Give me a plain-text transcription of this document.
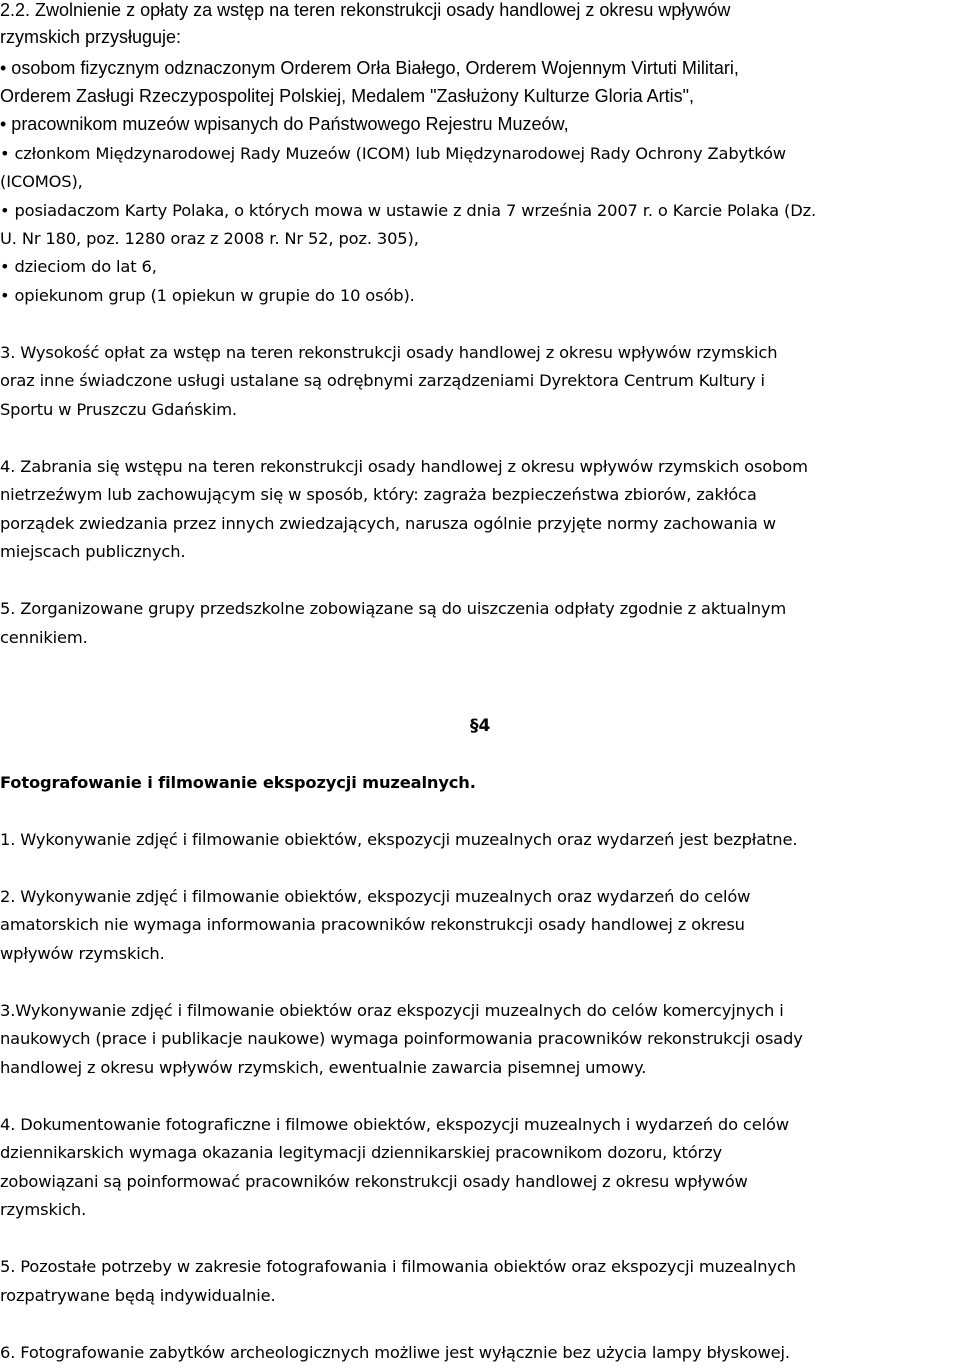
2.2. Zwolnienie z opłaty za wstęp na teren rekonstrukcji osady handlowej z okresu wpływów
rzymskich przysługuje:
• osobom fizycznym odznaczonym Orderem Orła Białego, Orderem Wojennym Virtuti Militari,
Orderem Zasługi Rzeczypospolitej Polskiej, Medalem "Zasłużony Kulturze Gloria Artis",
• pracownikom muzeów wpisanych do Państwowego Rejestru Muzeów,
• członkom Międzynarodowej Rady Muzeów (ICOM) lub Międzynarodowej Rady Ochrony Zabytków
(ICOMOS),
• posiadaczom Karty Polaka, o których mowa w ustawie z dnia 7 września 2007 r. o Karcie Polaka (Dz.
U. Nr 180, poz. 1280 oraz z 2008 r. Nr 52, poz. 305),
• dzieciom do lat 6,
• opiekunom grup (1 opiekun w grupie do 10 osób).
3. Wysokość opłat za wstęp na teren rekonstrukcji osady handlowej z okresu wpływów rzymskich
oraz inne świadczone usługi ustalane są odrębnymi zarządzeniami Dyrektora Centrum Kultury i
Sportu w Pruszczu Gdańskim.
4. Zabrania się wstępu na teren rekonstrukcji osady handlowej z okresu wpływów rzymskich osobom
nietrzeźwym lub zachowującym się w sposób, który: zagraża bezpieczeństwa zbiorów, zakłóca
porządek zwiedzania przez innych zwiedzających, narusza ogólnie przyjęte normy zachowania w
miejscach publicznych.
5. Zorganizowane grupy przedszkolne zobowiązane są do uiszczenia odpłaty zgodnie z aktualnym
cennikiem.
§4
Fotografowanie i filmowanie ekspozycji muzealnych.
1. Wykonywanie zdjęć i filmowanie obiektów, ekspozycji muzealnych oraz wydarzeń jest bezpłatne.
2. Wykonywanie zdjęć i filmowanie obiektów, ekspozycji muzealnych oraz wydarzeń do celów
amatorskich nie wymaga informowania pracowników rekonstrukcji osady handlowej z okresu
wpływów rzymskich.
3.Wykonywanie zdjęć i filmowanie obiektów oraz ekspozycji muzealnych do celów komercyjnych i
naukowych (prace i publikacje naukowe) wymaga poinformowania pracowników rekonstrukcji osady
handlowej z okresu wpływów rzymskich, ewentualnie zawarcia pisemnej umowy.
4. Dokumentowanie fotograficzne i filmowe obiektów, ekspozycji muzealnych i wydarzeń do celów
dziennikarskich wymaga okazania legitymacji dziennikarskiej pracownikom dozoru, którzy
zobowiązani są poinformować pracowników rekonstrukcji osady handlowej z okresu wpływów
rzymskich.
5. Pozostałe potrzeby w zakresie fotografowania i filmowania obiektów oraz ekspozycji muzealnych
rozpatrywane będą indywidualnie.
6. Fotografowanie zabytków archeologicznych możliwe jest wyłącznie bez użycia lampy błyskowej.
